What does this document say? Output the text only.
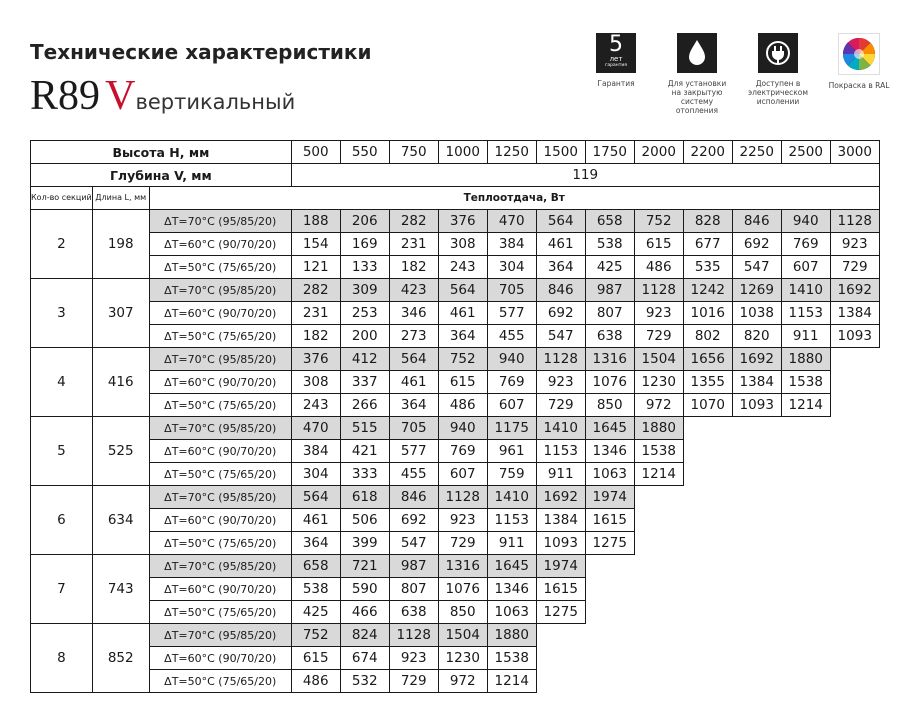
Технические характеристики
R89 Vвертикальный
5
лет
гарантия
Гарантия	Для установки на закрытую систему отопления
Доступен в электрическом исполении
Покраска в RAL
Высота H, мм			500	550	750	1000	1250	1500	1750	2000	2200	2250	2500	3000
Глубина V, мм			119											
Кол-во секций	Длина L, мм	Теплоотдача, Вт												
2	198	ΔT=70°C (95/85/20)	188	206	282	376	470	564	658	752	828	846	940	1128
		ΔT=60°C (90/70/20)	154	169	231	308	384	461	538	615	677	692	769	923
		ΔT=50°C (75/65/20)	121	133	182	243	304	364	425	486	535	547	607	729
3	307	ΔT=70°C (95/85/20)	282	309	423	564	705	846	987	1128	1242	1269	1410	1692
		ΔT=60°C (90/70/20)	231	253	346	461	577	692	807	923	1016	1038	1153	1384
		ΔT=50°C (75/65/20)	182	200	273	364	455	547	638	729	802	820	911	1093
4	416	ΔT=70°C (95/85/20)	376	412	564	752	940	1128	1316	1504	1656	1692	1880	
		ΔT=60°C (90/70/20)	308	337	461	615	769	923	1076	1230	1355	1384	1538	
		ΔT=50°C (75/65/20)	243	266	364	486	607	729	850	972	1070	1093	1214	
5	525	ΔT=70°C (95/85/20)	470	515	705	940	1175	1410	1645	1880				
		ΔT=60°C (90/70/20)	384	421	577	769	961	1153	1346	1538				
		ΔT=50°C (75/65/20)	304	333	455	607	759	911	1063	1214				
6	634	ΔT=70°C (95/85/20)	564	618	846	1128	1410	1692	1974					
		ΔT=60°C (90/70/20)	461	506	692	923	1153	1384	1615					
		ΔT=50°C (75/65/20)	364	399	547	729	911	1093	1275					
7	743	ΔT=70°C (95/85/20)	658	721	987	1316	1645	1974						
		ΔT=60°C (90/70/20)	538	590	807	1076	1346	1615						
		ΔT=50°C (75/65/20)	425	466	638	850	1063	1275						
8	852	ΔT=70°C (95/85/20)	752	824	1128	1504	1880							
		ΔT=60°C (90/70/20)	615	674	923	1230	1538							
		ΔT=50°C (75/65/20)	486	532	729	972	1214							
